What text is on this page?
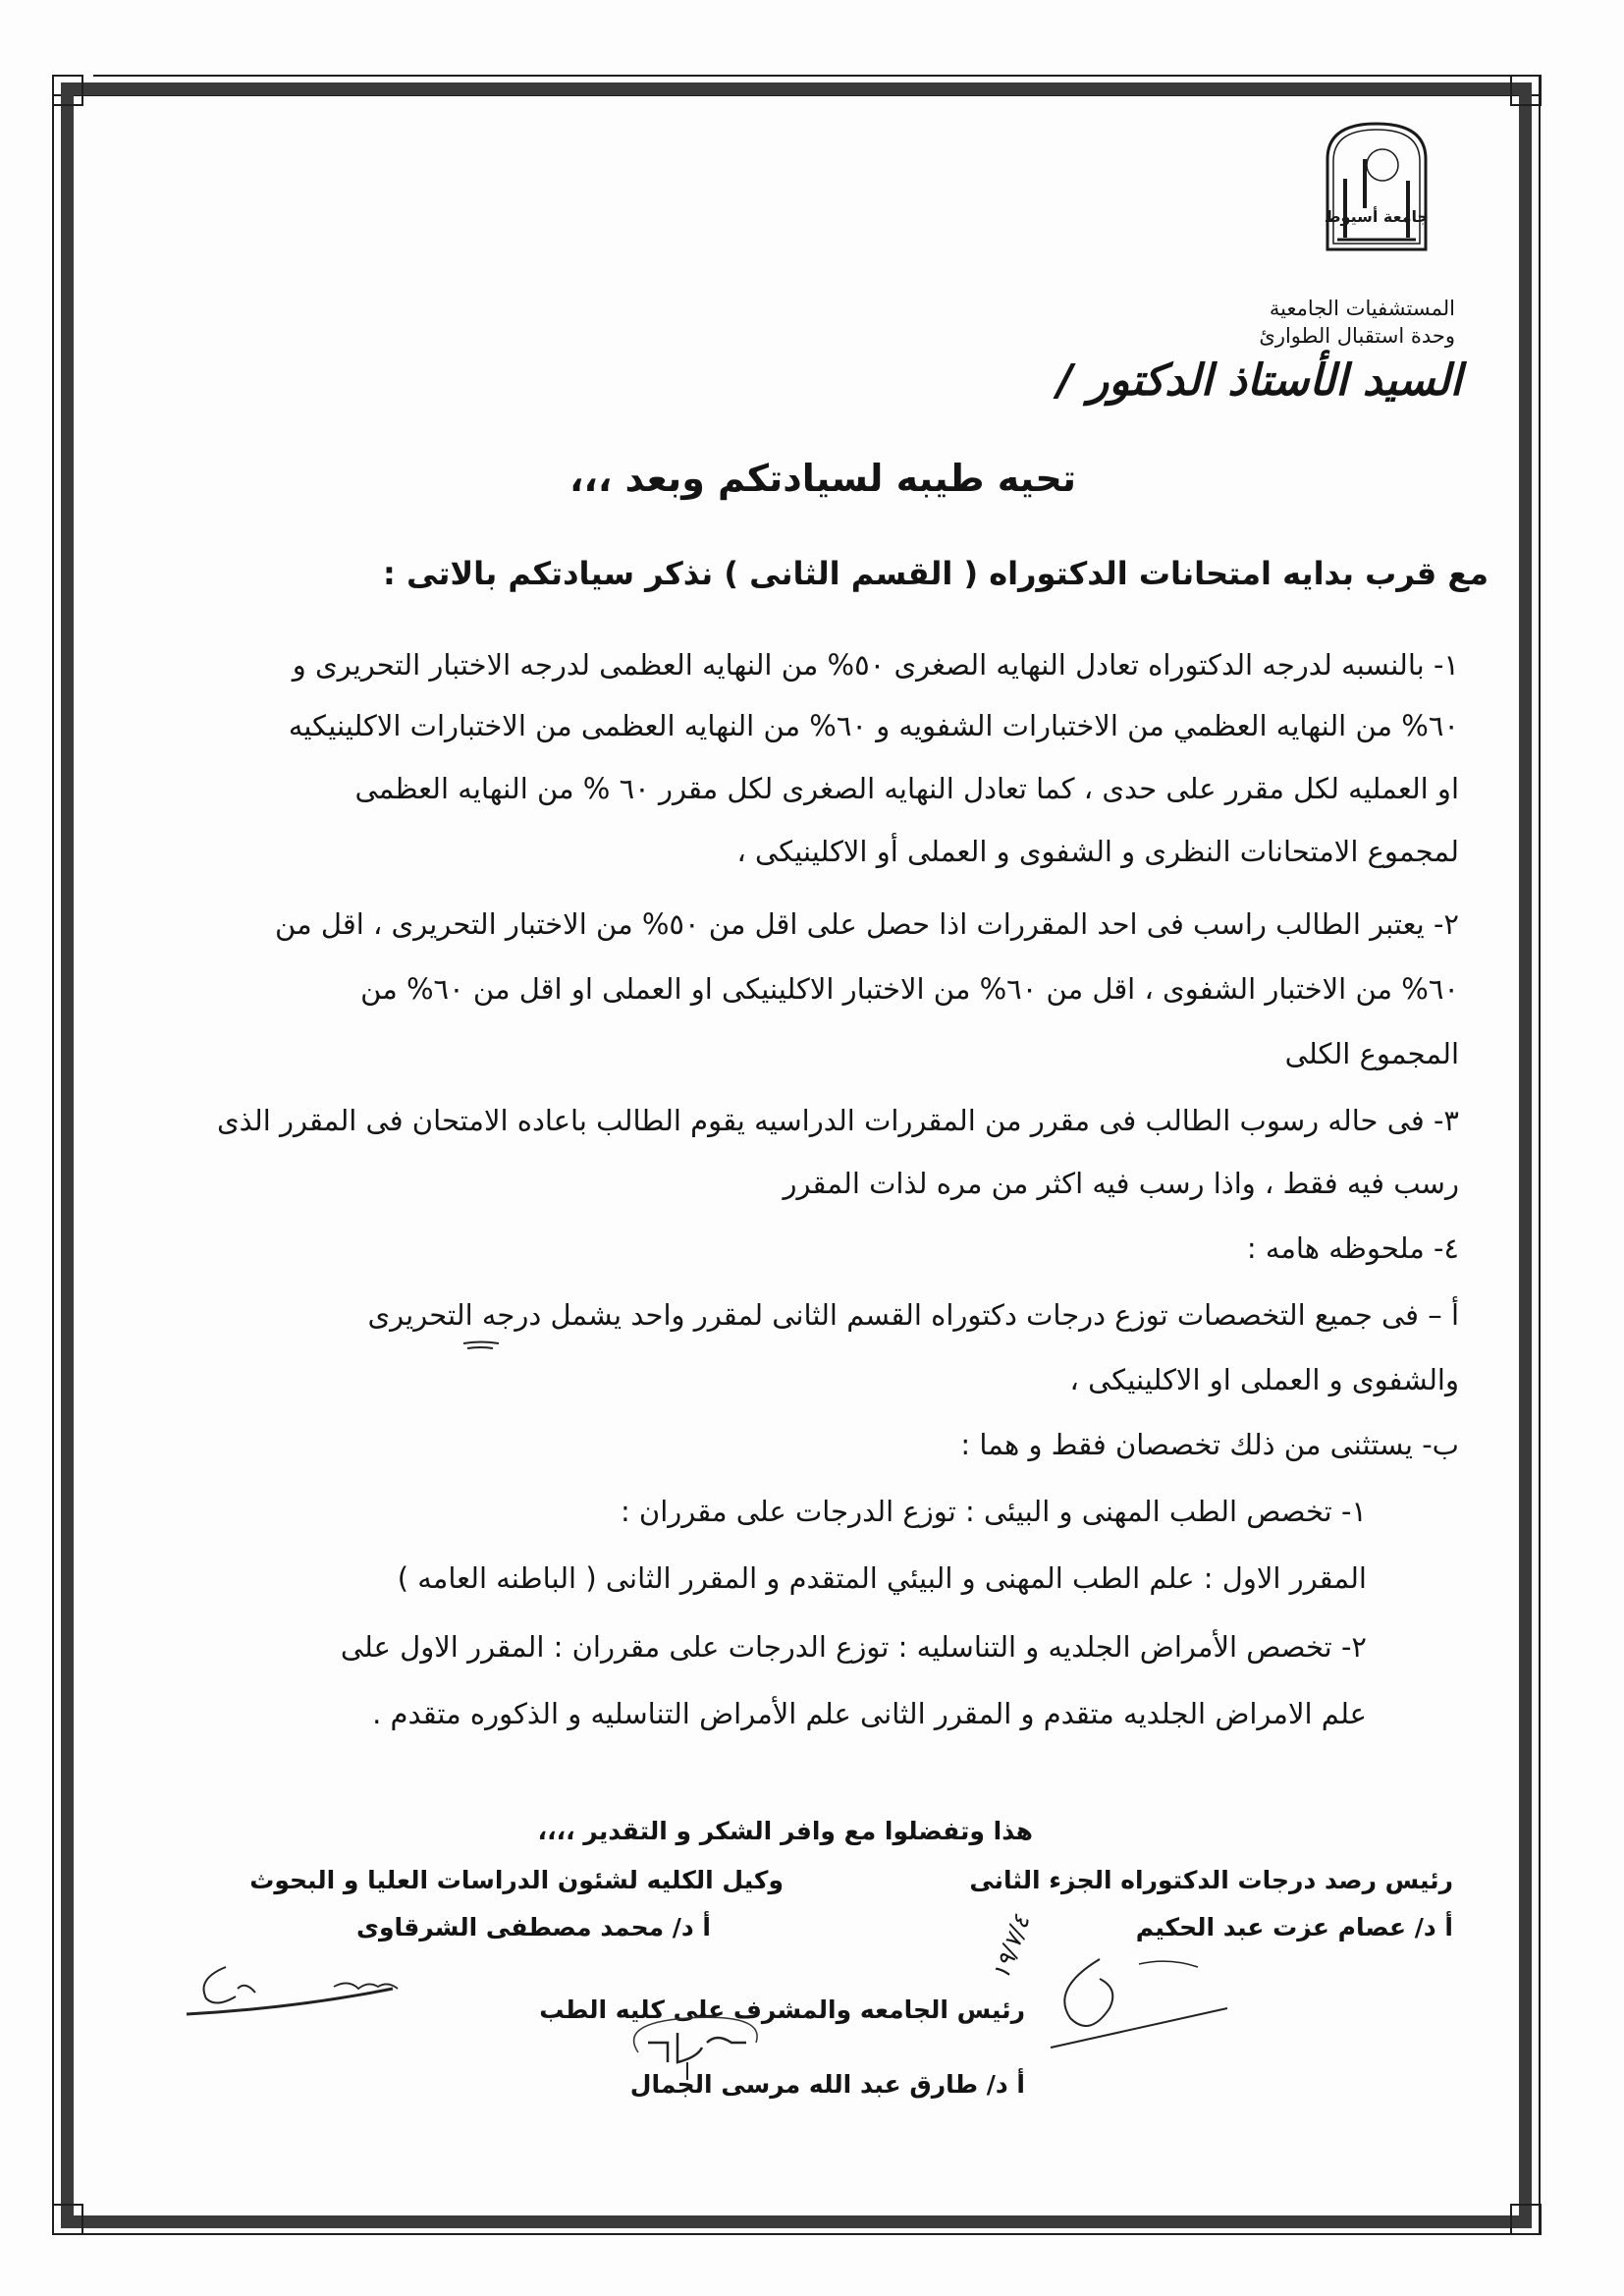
جامعة أسيوط
المستشفيات الجامعية
وحدة استقبال الطوارئ
السيد الأستاذ الدكتور /
تحيه طيبه لسيادتكم وبعد ،،،
مع قرب بدايه امتحانات الدكتوراه ( القسم الثانى ) نذكر سيادتكم بالاتى :
١- بالنسبه لدرجه الدكتوراه تعادل النهايه الصغرى ٥٠% من النهايه العظمى لدرجه الاختبار التحريرى و
٦٠% من النهايه العظمي من الاختبارات الشفويه و ٦٠% من النهايه العظمى من الاختبارات الاكلينيكيه
او العمليه لكل مقرر على حدى ، كما تعادل النهايه الصغرى لكل مقرر ٦٠ % من النهايه العظمى
لمجموع الامتحانات النظرى و الشفوى و العملى أو الاكلينيكى ،
٢- يعتبر الطالب راسب فى احد المقررات اذا حصل على اقل من ٥٠% من الاختبار التحريرى ، اقل من
٦٠% من الاختبار الشفوى ، اقل من ٦٠% من الاختبار الاكلينيكى او العملى او اقل من ٦٠% من
المجموع الكلى
٣- فى حاله رسوب الطالب فى مقرر من المقررات الدراسيه يقوم الطالب باعاده الامتحان فى المقرر الذى
رسب فيه فقط ، واذا رسب فيه اكثر من مره لذات المقرر
٤- ملحوظه هامه :
أ – فى جميع التخصصات توزع درجات دكتوراه القسم الثانى لمقرر واحد يشمل درجه التحريرى
والشفوى و العملى او الاكلينيكى ،
ب- يستثنى من ذلك تخصصان فقط و هما :
١- تخصص الطب المهنى و البيئى : توزع الدرجات على مقرران :
المقرر الاول : علم الطب المهنى و البيئي المتقدم و المقرر الثانى ( الباطنه العامه )
٢- تخصص الأمراض الجلديه و التناسليه : توزع الدرجات على مقرران : المقرر الاول على
علم الامراض الجلديه متقدم و المقرر الثانى علم الأمراض التناسليه و الذكوره متقدم .
هذا وتفضلوا مع وافر الشكر و التقدير ،،،،
رئيس رصد درجات الدكتوراه الجزء الثانى
أ د/ عصام عزت عبد الحكيم
وكيل الكليه لشئون الدراسات العليا و البحوث
أ د/ محمد مصطفى الشرقاوى
رئيس الجامعه والمشرف على كليه الطب
أ د/ طارق عبد الله مرسى الجمال
١٩/٧/٤
